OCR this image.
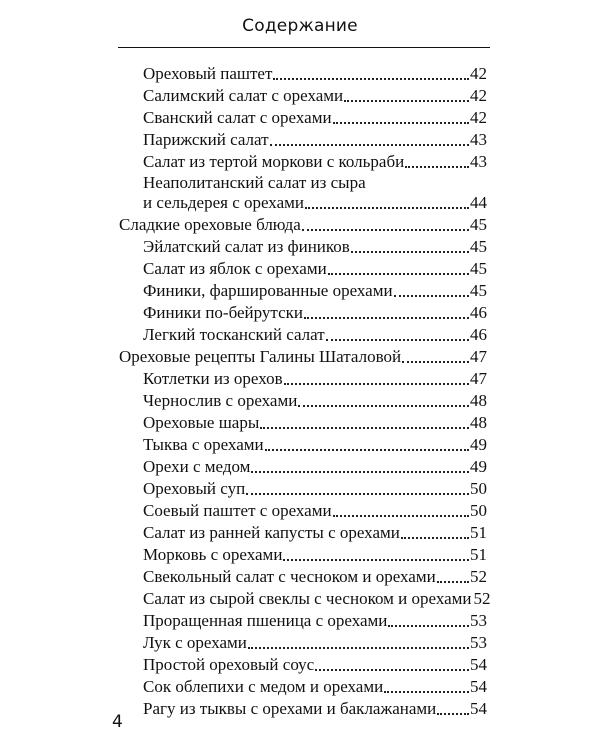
Содержание
Ореховый паштет	42
Салимский салат с орехами	42
Сванский салат с орехами	42
Парижский салат	43
Салат из тертой моркови с кольраби	43
Неаполитанский салат из сыра
и сельдерея с орехами	44
Сладкие ореховые блюда	45
Эйлатский салат из фиников	45
Салат из яблок с орехами	45
Финики, фаршированные орехами	45
Финики по-бейрутски	46
Легкий тосканский салат	46
Ореховые рецепты Галины Шаталовой	47
Котлетки из орехов	47
Чернослив с орехами	48
Ореховые шары	48
Тыква с орехами	49
Орехи с медом	49
Ореховый суп	50
Соевый паштет с орехами	50
Салат из ранней капусты с орехами	51
Морковь с орехами	51
Свекольный салат с чесноком и орехами 52
Салат из сырой свеклы с чесноком и орехами 52
Проращенная пшеница с орехами	53
Лук с орехами	53
Простой ореховый соус	54
Сок облепихи с медом и орехами	54
Рагу из тыквы с орехами и баклажанами 54
4
